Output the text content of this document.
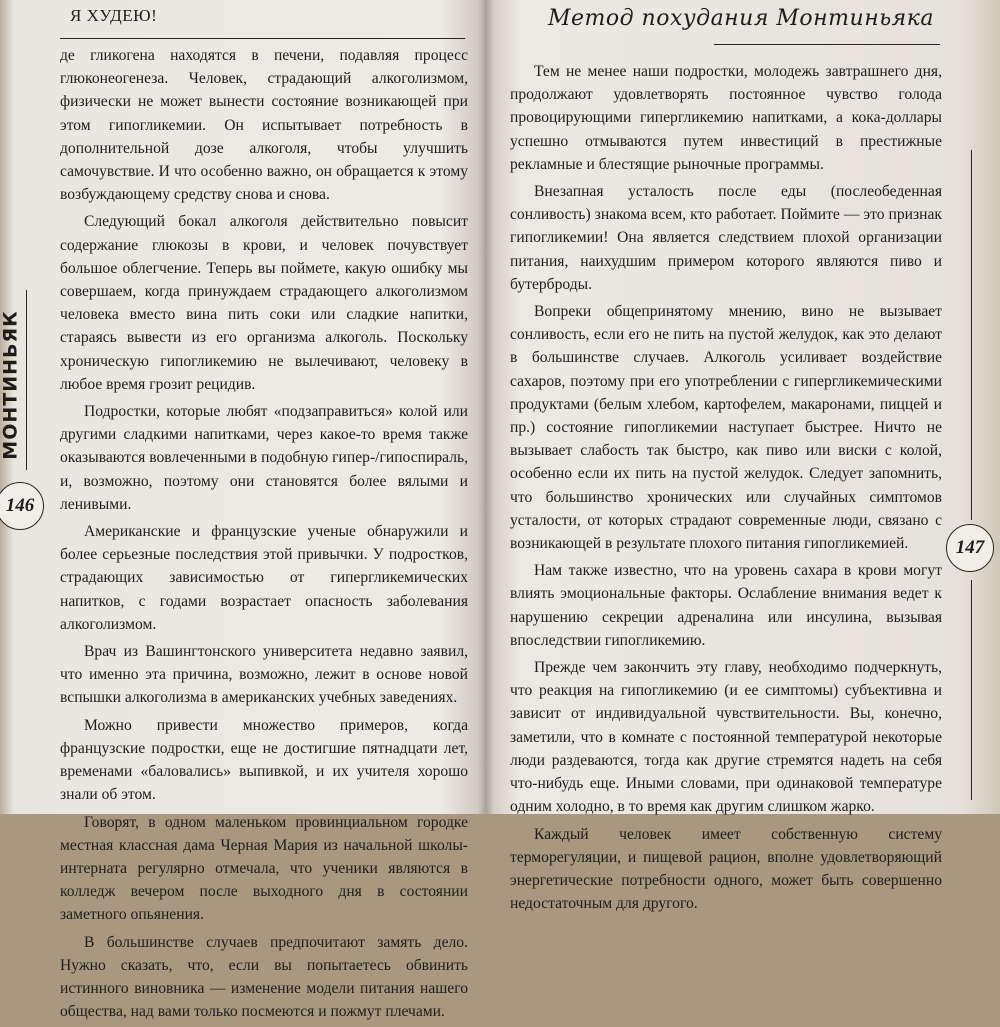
Я ХУДЕЮ!
МОНТИНЬЯК
146

де гликогена находятся в печени, подавляя процесс глюконеогенеза. Человек, страдающий алкоголизмом, физически не может вынести состояние возникающей при этом гипогликемии. Он испытывает потребность в дополнительной дозе алкоголя, чтобы улучшить самочувствие. И что особенно важно, он обращается к этому возбуждающему средству снова и снова.

Следующий бокал алкоголя действительно повысит содержание глюкозы в крови, и человек почувствует большое облегчение. Теперь вы поймете, какую ошибку мы совершаем, когда принуждаем страдающего алкоголизмом человека вместо вина пить соки или сладкие напитки, стараясь вывести из его организма алкоголь. Поскольку хроническую гипогликемию не вылечивают, человеку в любое время грозит рецидив.

Подростки, которые любят «подзаправиться» колой или другими сладкими напитками, через какое-то время также оказываются вовлеченными в подобную гипер-/гипоспираль, и, возможно, поэтому они становятся более вялыми и ленивыми.

Американские и французские ученые обнаружили и более серьезные последствия этой привычки. У подростков, страдающих зависимостью от гипергликемических напитков, с годами возрастает опасность заболевания алкоголизмом.

Врач из Вашингтонского университета недавно заявил, что именно эта причина, возможно, лежит в основе новой вспышки алкоголизма в американских учебных заведениях.

Можно привести множество примеров, когда французские подростки, еще не достигшие пятнадцати лет, временами «баловались» выпивкой, и их учителя хорошо знали об этом.

Говорят, в одном маленьком провинциальном городке местная классная дама Черная Мария из начальной школы-интерната регулярно отмечала, что ученики являются в колледж вечером после выходного дня в состоянии заметного опьянения.

В большинстве случаев предпочитают замять дело. Нужно сказать, что, если вы попытаетесь обвинить истинного виновника — изменение модели питания нашего общества, над вами только посмеются и пожмут плечами.

Метод похудания Монтиньяка
147

Тем не менее наши подростки, молодежь завтрашнего дня, продолжают удовлетворять постоянное чувство голода провоцирующими гипергликемию напитками, а кока-доллары успешно отмываются путем инвестиций в престижные рекламные и блестящие рыночные программы.

Внезапная усталость после еды (послеобеденная сонливость) знакома всем, кто работает. Поймите — это признак гипогликемии! Она является следствием плохой организации питания, наихудшим примером которого являются пиво и бутерброды.

Вопреки общепринятому мнению, вино не вызывает сонливость, если его не пить на пустой желудок, как это делают в большинстве случаев. Алкоголь усиливает воздействие сахаров, поэтому при его употреблении с гипергликемическими продуктами (белым хлебом, картофелем, макаронами, пиццей и пр.) состояние гипогликемии наступает быстрее. Ничто не вызывает слабость так быстро, как пиво или виски с колой, особенно если их пить на пустой желудок. Следует запомнить, что большинство хронических или случайных симптомов усталости, от которых страдают современные люди, связано с возникающей в результате плохого питания гипогликемией.

Нам также известно, что на уровень сахара в крови могут влиять эмоциональные факторы. Ослабление внимания ведет к нарушению секреции адреналина или инсулина, вызывая впоследствии гипогликемию.

Прежде чем закончить эту главу, необходимо подчеркнуть, что реакция на гипогликемию (и ее симптомы) субъективна и зависит от индивидуальной чувствительности. Вы, конечно, заметили, что в комнате с постоянной температурой некоторые люди раздеваются, тогда как другие стремятся надеть на себя что-нибудь еще. Иными словами, при одинаковой температуре одним холодно, в то время как другим слишком жарко.

Каждый человек имеет собственную систему терморегуляции, и пищевой рацион, вполне удовлетворяющий энергетические потребности одного, может быть совершенно недостаточным для другого.
